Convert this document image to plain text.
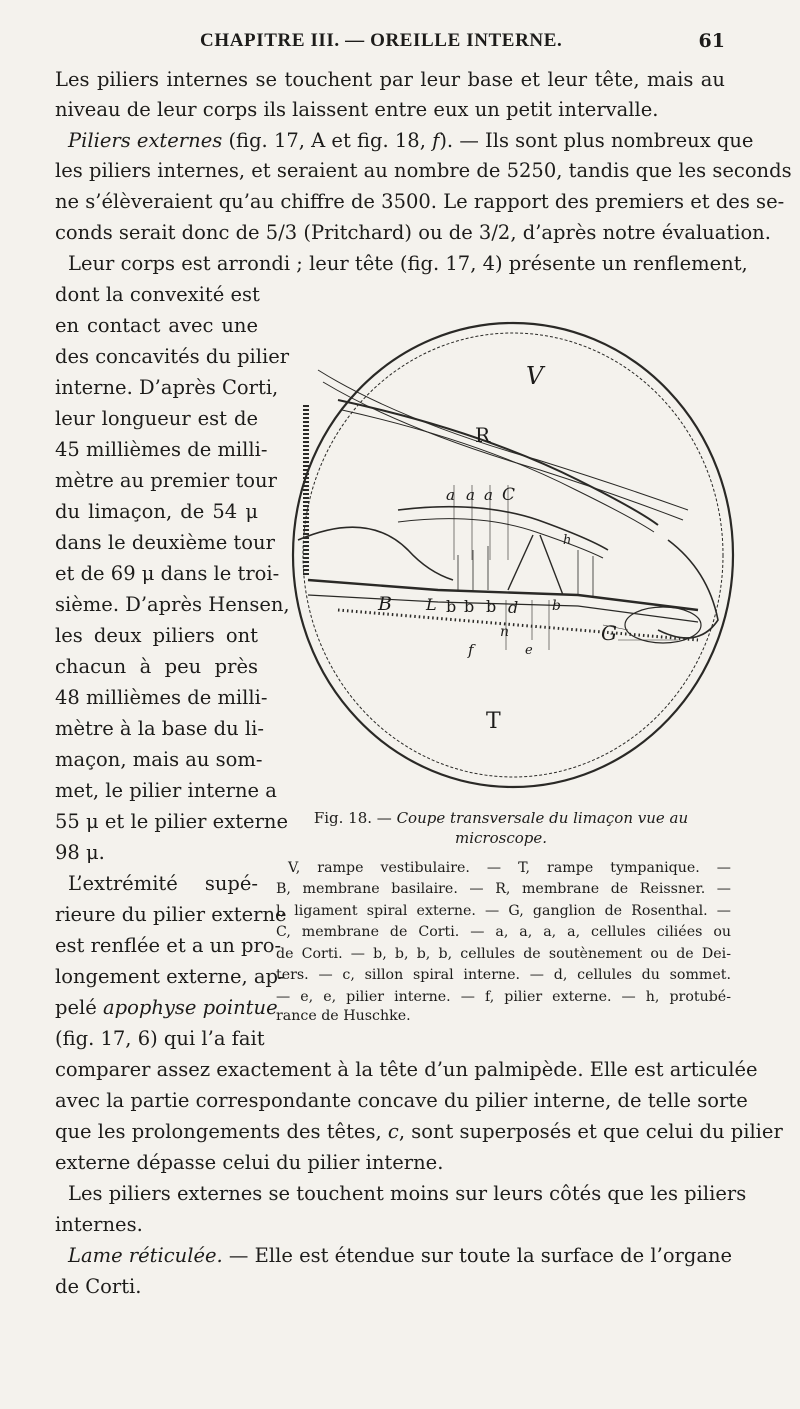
CHAPITRE III. — OREILLE INTERNE.	61
Les piliers internes se touchent par leur base et leur tête, mais au
niveau de leur corps ils laissent entre eux un petit intervalle.
Piliers externes (fig. 17, A et fig. 18, f). — Ils sont plus nombreux que
les piliers internes, et seraient au nombre de 5250, tandis que les seconds
ne s’élèveraient qu’au chiffre de 3500. Le rapport des premiers et des se-
conds serait donc de 5/3 (Pritchard) ou de 3/2, d’après notre évaluation.
Leur corps est arrondi ; leur tête (fig. 17, 4) présente un renflement,
dont la convexité est
en contact avec une
des concavités du pilier
interne. D’après Corti,
leur longueur est de
45 millièmes de milli-
mètre au premier tour
du limaçon, de 54 μ
dans le deuxième tour
et de 69 μ dans le troi-
sième. D’après Hensen,
les deux piliers ont
chacun à peu près
48 millièmes de milli-
mètre à la base du li-
maçon, mais au som-
met, le pilier interne a
55 μ et le pilier externe
98 μ.
L’extrémité supé-
rieure du pilier externe
est renflée et a un pro-
longement externe, ap-
pelé apophyse pointue
(fig. 17, 6) qui l’a fait
comparer assez exactement à la tête d’un palmipède. Elle est articulée
avec la partie correspondante concave du pilier interne, de telle sorte
que les prolongements des têtes, c, sont superposés et que celui du pilier
externe dépasse celui du pilier interne.
Les piliers externes se touchent moins sur leurs côtés que les piliers
internes.
Lame réticulée. — Elle est étendue sur toute la surface de l’organe
de Corti.
V
R
a a a C
B L b b b d
n
f	e
b
h
G
T
Fig. 18. — Coupe transversale du limaçon vue au
microscope.
V, rampe vestibulaire. — T, rampe tympanique. —
B, membrane basilaire. — R, membrane de Reissner. —
l, ligament spiral externe. — G, ganglion de Rosenthal. —
C, membrane de Corti. — a, a, a, a, cellules ciliées ou
de Corti. — b, b, b, b, cellules de soutènement ou de Dei-
ters. — c, sillon spiral interne. — d, cellules du sommet.
— e, e, pilier interne. — f, pilier externe. — h, protubé-
rance de Huschke.
